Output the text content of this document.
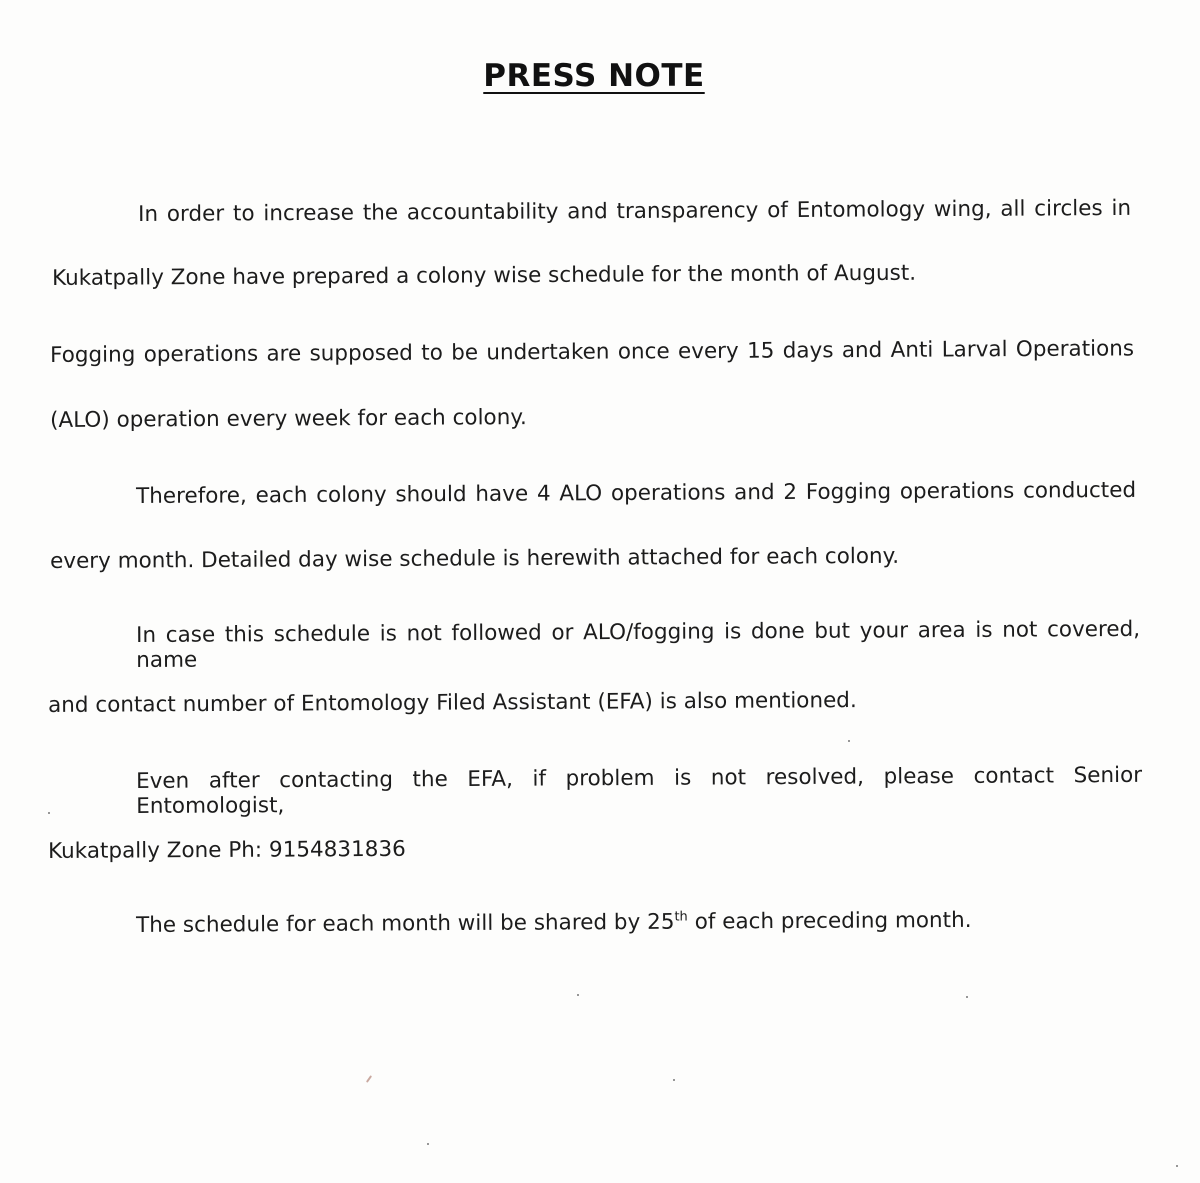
PRESS NOTE
In order to increase the accountability and transparency of Entomology wing, all circles in
Kukatpally Zone have prepared a colony wise schedule for the month of August.
Fogging operations are supposed to be undertaken once every 15 days and Anti Larval Operations
(ALO) operation every week for each colony.
Therefore, each colony should have 4 ALO operations and 2 Fogging operations conducted
every month. Detailed day wise schedule is herewith attached for each colony.
In case this schedule is not followed or ALO/fogging is done but your area is not covered, name
and contact number of Entomology Filed Assistant (EFA) is also mentioned.
Even after contacting the EFA, if problem is not resolved, please contact Senior Entomologist,
Kukatpally Zone Ph: 9154831836
The schedule for each month will be shared by 25th of each preceding month.
